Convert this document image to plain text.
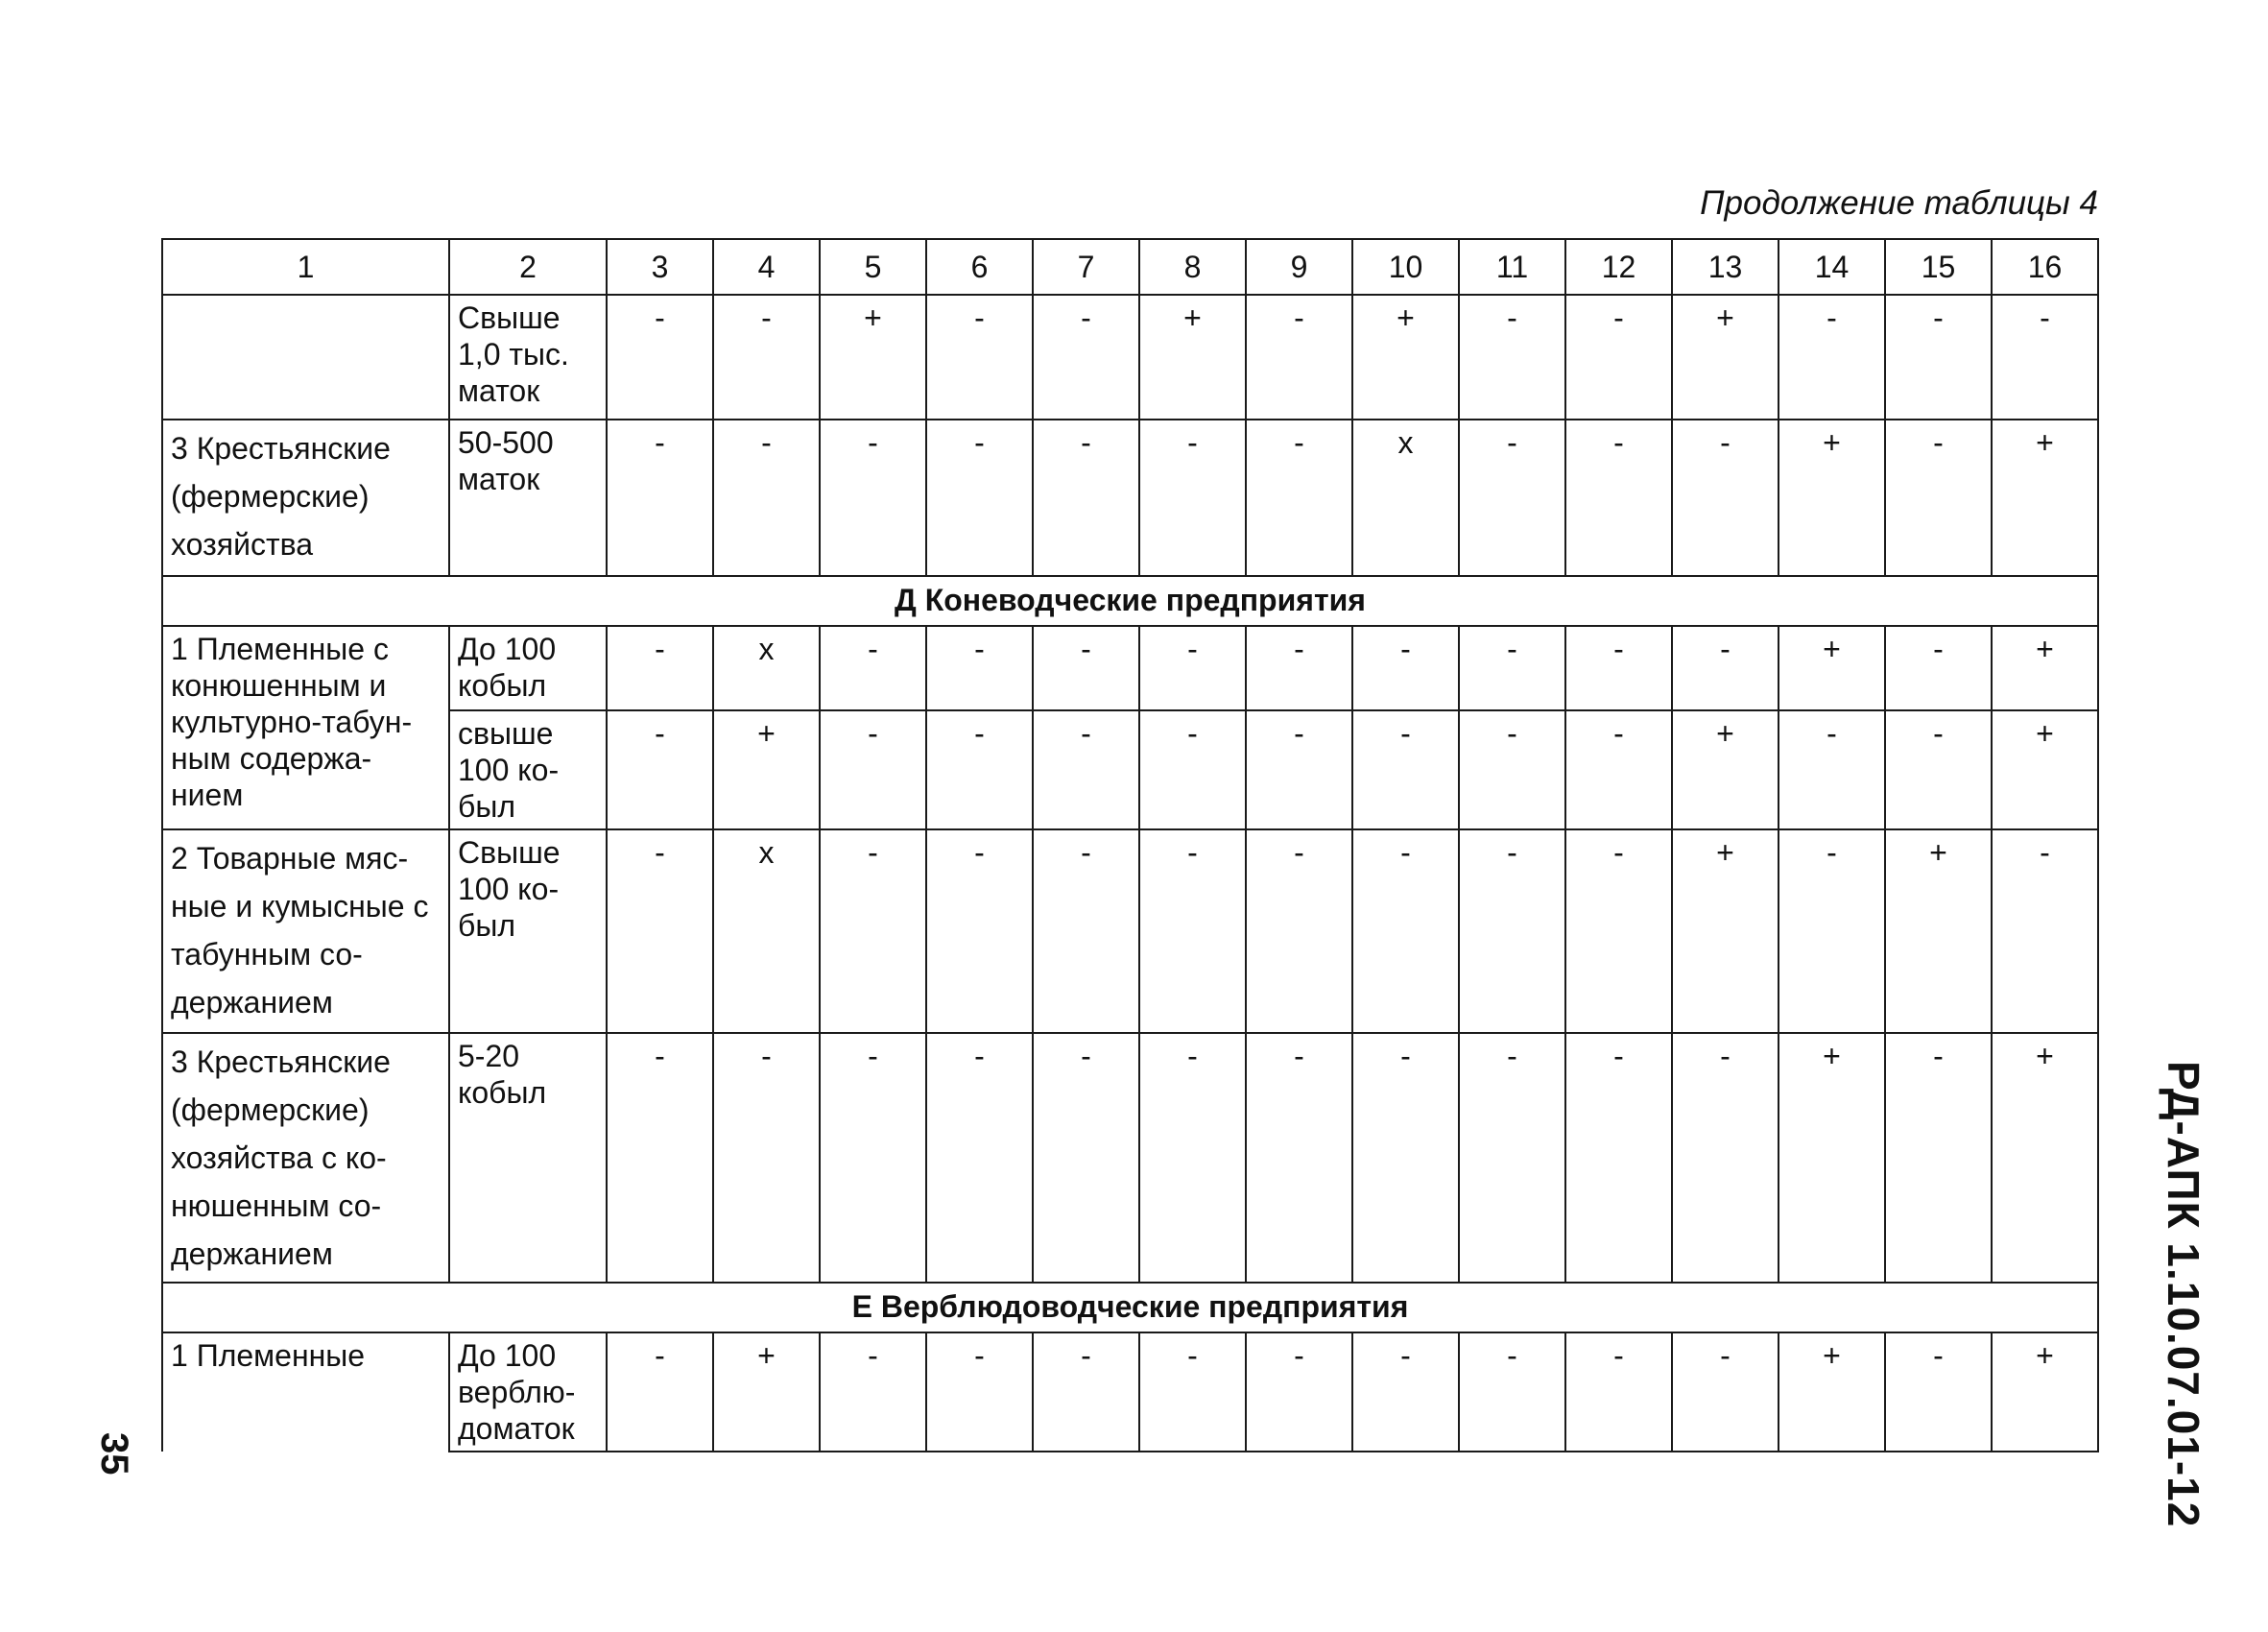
Продолжение таблицы 4
1	2	3	4	5	6	7	8	9	10	11	12	13	14	15	16
	Свыше 1,0 тыс. маток	-	-	+	-	-	+	-	+	-	-	+	-	-	-
3 Крестьянские (фермерские) хозяйства	50-500 маток	-	-	-	-	-	-	-	x	-	-	-	+	-	+
Д Коневодческие предприятия															
1 Племенные с конюшенным и культурно-табун-ным содержа-нием	До 100 кобыл	-	x	-	-	-	-	-	-	-	-	-	+	-	+
	свыше 100 ко-был	-	+	-	-	-	-	-	-	-	-	+	-	-	+
2 Товарные мяс-ные и кумысные с табунным со-держанием	Свыше 100 ко-был	-	x	-	-	-	-	-	-	-	-	+	-	+	-
3 Крестьянские (фермерские) хозяйства с ко-нюшенным со-держанием	5-20 кобыл	-	-	-	-	-	-	-	-	-	-	-	+	-	+
Е Верблюдоводческие предприятия															
1 Племенные	До 100 верблю-доматок	-	+	-	-	-	-	-	-	-	-	-	+	-	+ РД-АПК 1.10.07.01-12
35
